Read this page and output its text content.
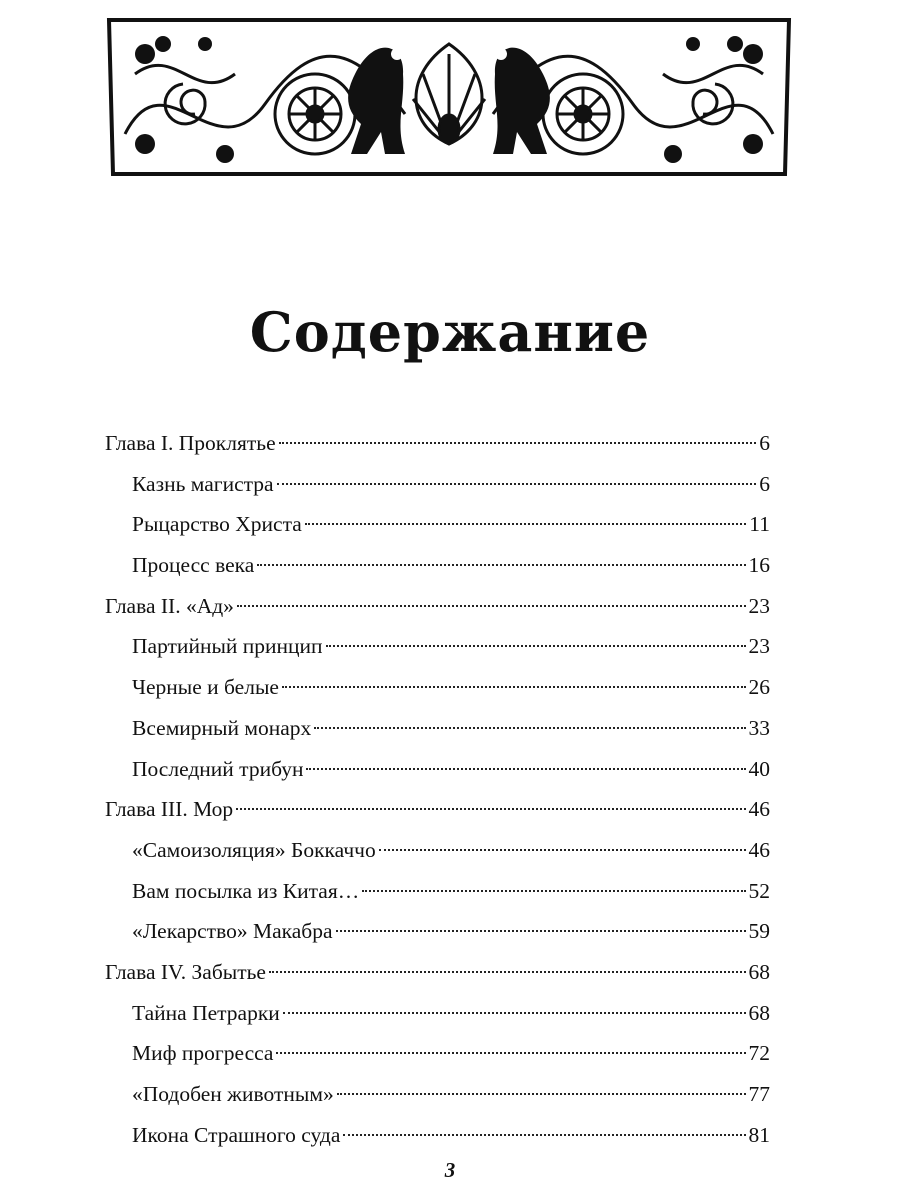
Содержание
Глава I. Проклятье	6
Казнь магистра	6
Рыцарство Христа	11
Процесс века	16
Глава II. «Ад»	23
Партийный принцип	23
Черные и белые	26
Всемирный монарх	33
Последний трибун	40
Глава III. Мор	46
«Самоизоляция» Боккаччо	46
Вам посылка из Китая…	52
«Лекарство» Макабра	59
Глава IV. Забытье	68
Тайна Петрарки	68
Миф прогресса	72
«Подобен животным»	77
Икона Страшного суда	81
3
